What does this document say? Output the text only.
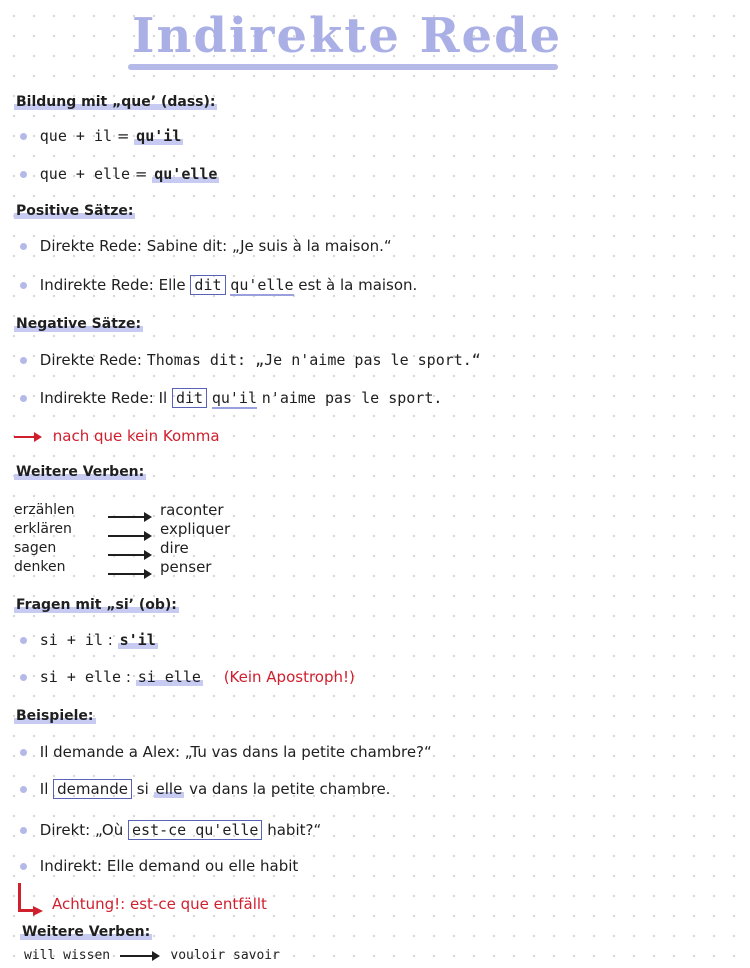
Indirekte Rede
Bildung mit „que’ (dass):
que + il = qu'il
que + elle = qu'elle
Positive Sätze:
Direkte Rede: Sabine dit: „Je suis à la maison.“
Indirekte Rede: Elle dit qu'elle est à la maison.
Negative Sätze:
Direkte Rede: Thomas dit: „Je n'aime pas le sport.“
Indirekte Rede: Il dit qu'il n'aime pas le sport.
nach que kein Komma
Weitere Verben:
erzählen
erklären
sagen
denken
raconter
expliquer
dire
penser
Fragen mit „siʼ (ob):
si + il : s'il
si + elle : si elle (Kein Apostroph!)
Beispiele:
Il demande a Alex: „Tu vas dans la petite chambre?“
Il demande si elle va dans la petite chambre.
Direkt: „Où est-ce qu'elle habit?“
Indirekt: Elle demand ou elle habit
Achtung!: est-ce que entfällt
Weitere Verben:
will wissen	vouloir savoir
